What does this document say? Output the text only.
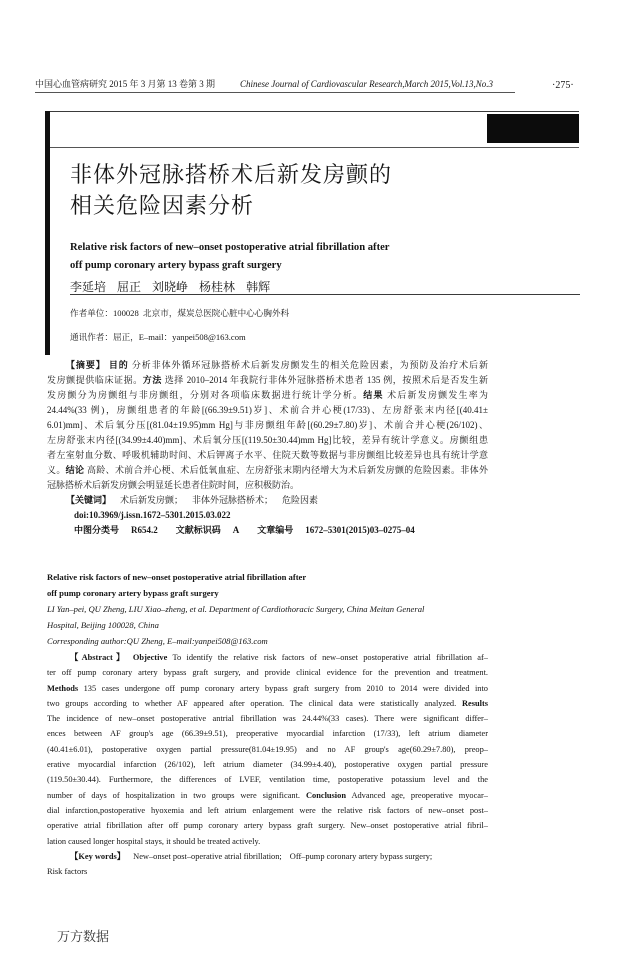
中国心血管病研究 2015 年 3 月第 13 卷第 3 期	Chinese Journal of Cardiovascular Research,March 2015,Vol.13,No.3	·275·
非体外冠脉搭桥术后新发房颤的
相关危险因素分析
Relative risk factors of new–onset postoperative atrial fibrillation after
off pump coronary artery bypass graft surgery
李延培 屈正 刘晓峥 杨桂林 韩辉
作者单位：100028  北京市，煤炭总医院心脏中心心胸外科
通讯作者：屈正，E–mail：yanpei508@163.com
【摘要】 目的 分析非体外循环冠脉搭桥术后新发房颤发生的相关危险因素，为预防及治疗术后新
发房颤提供临床证据。方法 选择 2010–2014 年我院行非体外冠脉搭桥术患者 135 例，按照术后是否发生新
发房颤分为房颤组与非房颤组，分别对各项临床数据进行统计学分析。结果 术后新发房颤发生率为
24.44%(33 例)，房颤组患者的年龄[(66.39±9.51)岁]、术前合并心梗(17/33)、左房舒张末内径[(40.41±
6.01)mm]、术后氧分压[(81.04±19.95)mm Hg]与非房颤组年龄[(60.29±7.80)岁]、术前合并心梗(26/102)、
左房舒张末内径[(34.99±4.40)mm]、术后氧分压[(119.50±30.44)mm Hg]比较，差异有统计学意义。房颤组患
者左室射血分数、呼吸机辅助时间、术后钾离子水平、住院天数等数据与非房颤组比较差异也具有统计学意
义。结论 高龄、术前合并心梗、术后低氧血症、左房舒张末期内径增大为术后新发房颤的危险因素。非体外
冠脉搭桥术后新发房颤会明显延长患者住院时间，应积极防治。
【关键词】 术后新发房颤； 非体外冠脉搭桥术； 危险因素
doi:10.3969/j.issn.1672–5301.2015.03.022
中图分类号 R654.2 文献标识码 A 文章编号 1672–5301(2015)03–0275–04
Relative risk factors of new–onset postoperative atrial fibrillation after
off pump coronary artery bypass graft surgery
LI Yan–pei, QU Zheng, LIU Xiao–zheng, et al. Department of Cardiothoracic Surgery, China Meitan General
Hospital, Beijing 100028, China
Corresponding author:QU Zheng, E–mail:yanpei508@163.com
【Abstract】 Objective To identify the relative risk factors of new–onset postoperative atrial fibrillation af–
ter off pump coronary artery bypass graft surgery, and provide clinical evidence for the prevention and treatment.
Methods 135 cases undergone off pump coronary artery bypass graft surgery from 2010 to 2014 were divided into
two groups according to whether AF appeared after operation. The clinical data were statistically analyzed. Results
The incidence of new–onset postoperative antrial fibrillation was 24.44%(33 cases). There were significant differ–
ences between AF group's age (66.39±9.51), preoperative myocardial infarction (17/33), left atrium diameter
(40.41±6.01), postoperative oxygen partial pressure(81.04±19.95) and no AF group's age(60.29±7.80), preop–
erative myocardial infarction (26/102), left atrium diameter (34.99±4.40), postoperative oxygen partial pressure
(119.50±30.44). Furthermore, the differences of LVEF, ventilation time, postoperative potassium level and the
number of days of hospitalization in two groups were significant. Conclusion Advanced age, preoperative myocar–
dial infarction,postoperative hyoxemia and left atrium enlargement were the relative risk factors of new–onset post–
operative atrial fibrillation after off pump coronary artery bypass graft surgery. New–onset postoperative atrial fibril–
lation caused longer hospital stays, it should be treated actively.
【Key words】 New–onset post–operative atrial fibrillation; Off–pump coronary artery bypass surgery;
Risk factors
万方数据
